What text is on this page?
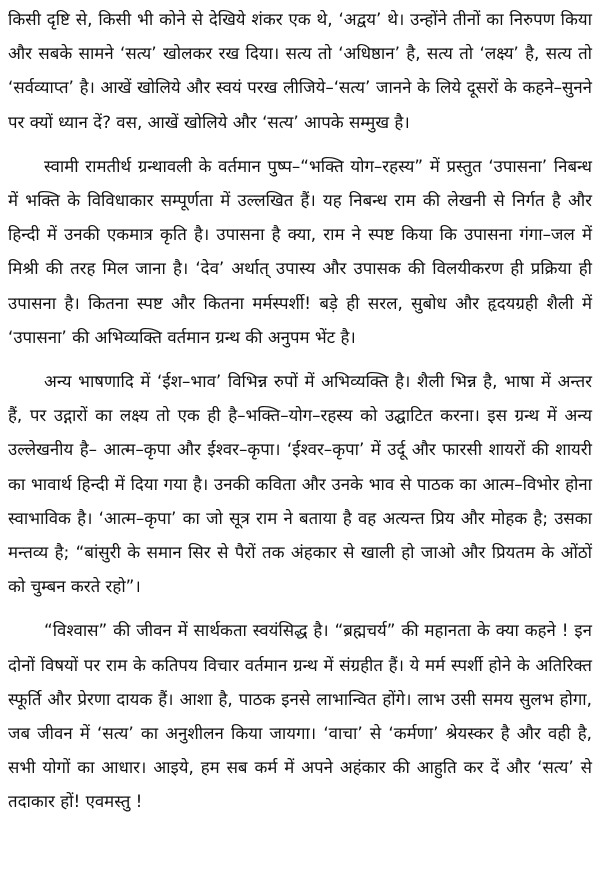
किसी दृष्टि से, किसी भी कोने से देखिये शंकर एक थे, ‘अद्वय’ थे। उन्होंने तीनों का निरुपण किया और सबके सामने ‘सत्य’ खोलकर रख दिया। सत्य तो ‘अधिष्ठान’ है, सत्य तो ‘लक्ष्य’ है, सत्य तो ‘सर्वव्याप्त’ है। आखें खोलिये और स्वयं परख लीजिये–‘सत्य’ जानने के लिये दूसरों के कहने–सुनने पर क्यों ध्यान दें? वस, आखें खोलिये और ‘सत्य’ आपके सम्मुख है।

स्वामी रामतीर्थ ग्रन्थावली के वर्तमान पुष्प–“भक्ति योग–रहस्य” में प्रस्तुत ‘उपासना’ निबन्ध में भक्ति के विविधाकार सम्पूर्णता में उल्लखित हैं। यह निबन्ध राम की लेखनी से निर्गत है और हिन्दी में उनकी एकमात्र कृति है। उपासना है क्या, राम ने स्पष्ट किया कि उपासना गंगा–जल में मिश्री की तरह मिल जाना है। ‘देव’ अर्थात् उपास्य और उपासक की विलयीकरण ही प्रक्रिया ही उपासना है। कितना स्पष्ट और कितना मर्मस्पर्शी! बड़े ही सरल, सुबोध और हृदयग्रही शैली में ‘उपासना’ की अभिव्यक्ति वर्तमान ग्रन्थ की अनुपम भेंट है।

अन्य भाषणादि में ‘ईश–भाव’ विभिन्न रुपों में अभिव्यक्ति है। शैली भिन्न है, भाषा में अन्तर हैं, पर उद्गारों का लक्ष्य तो एक ही है–भक्ति–योग–रहस्य को उद्घाटित करना। इस ग्रन्थ में अन्य उल्लेखनीय है– आत्म–कृपा और ईश्वर–कृपा। ‘ईश्वर–कृपा’ में उर्दू और फारसी शायरों की शायरी का भावार्थ हिन्दी में दिया गया है। उनकी कविता और उनके भाव से पाठक का आत्म–विभोर होना स्वाभाविक है। ‘आत्म–कृपा’ का जो सूत्र राम ने बताया है वह अत्यन्त प्रिय और मोहक है; उसका मन्तव्य है; “बांसुरी के समान सिर से पैरों तक अंहकार से खाली हो जाओ और प्रियतम के ओंठों को चुम्बन करते रहो”।

“विश्वास” की जीवन में सार्थकता स्वयंसिद्ध है। “ब्रह्मचर्य” की महानता के क्या कहने ! इन दोनों विषयों पर राम के कतिपय विचार वर्तमान ग्रन्थ में संग्रहीत हैं। ये मर्म स्पर्शी होने के अतिरिक्त स्फूर्ति और प्रेरणा दायक हैं। आशा है, पाठक इनसे लाभान्वित होंगे। लाभ उसी समय सुलभ होगा, जब जीवन में ‘सत्य’ का अनुशीलन किया जायगा। ‘वाचा’ से ‘कर्मणा’ श्रेयस्कर है और वही है, सभी योगों का आधार। आइये, हम सब कर्म में अपने अहंकार की आहुति कर दें और ‘सत्य’ से तदाकार हों! एवमस्तु !
